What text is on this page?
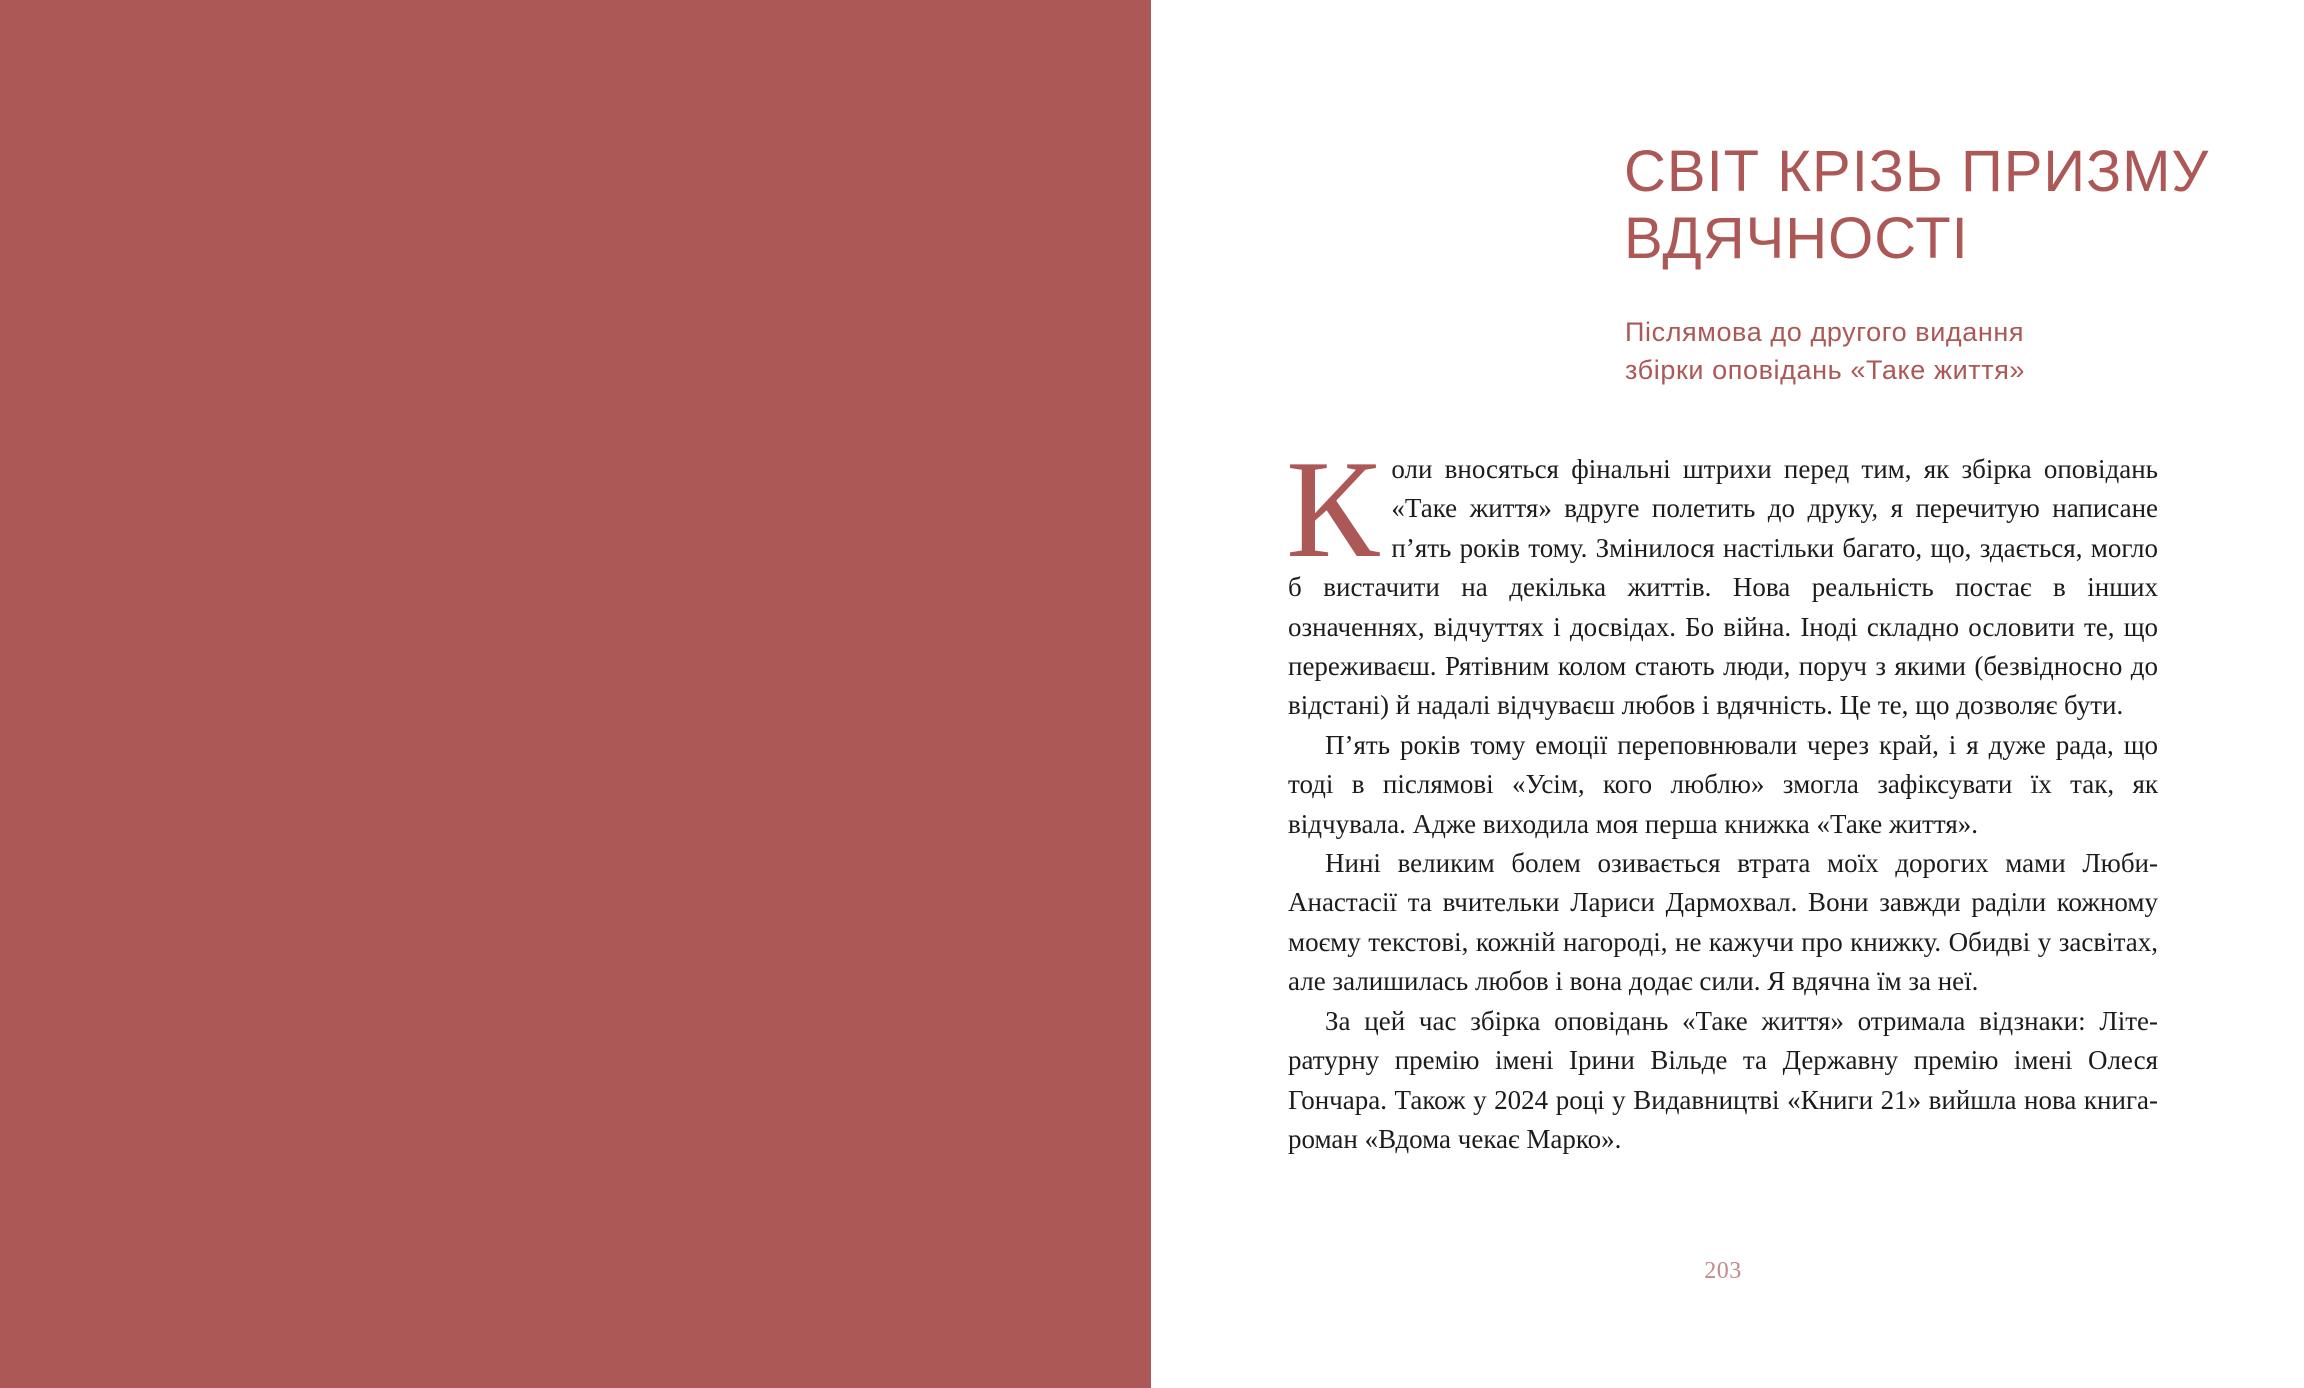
СВІТ КРІЗЬ ПРИЗМУ ВДЯЧНОСТІ
Післямова до другого видання
збірки оповідань «Таке життя»

Коли вносяться фінальні штрихи перед тим, як збірка оповідань «Таке життя» вдруге полетить до друку, я перечитую написане п’ять років тому. Змінилося настільки багато, що, здається, могло б вистачити на декілька життів. Нова реальність постає в інших означеннях, відчуттях і досвідах. Бо війна. Іноді складно ословити те, що переживаєш. Рятівним колом стають люди, поруч з якими (безвідносно до відстані) й надалі відчуваєш любов і вдячність. Це те, що дозволяє бути.

П’ять років тому емоції переповнювали через край, і я дуже рада, що тоді в післямові «Усім, кого люблю» змогла зафіксувати їх так, як відчувала. Адже виходила моя перша книжка «Таке життя».

Нині великим болем озивається втрата моїх дорогих мами Люби-Анастасії та вчительки Лариси Дармохвал. Вони завжди раділи кожному моєму текстові, кожній нагороді, не кажучи про книжку. Обидві у засвітах, але залишилась любов і вона додає сили. Я вдячна їм за неї.

За цей час збірка оповідань «Таке життя» отримала відзнаки: Літературну премію імені Ірини Вільде та Державну премію імені Олеся Гончара. Також у 2024 році у Видавництві «Книги 21» вийшла нова книга-роман «Вдома чекає Марко».

203
